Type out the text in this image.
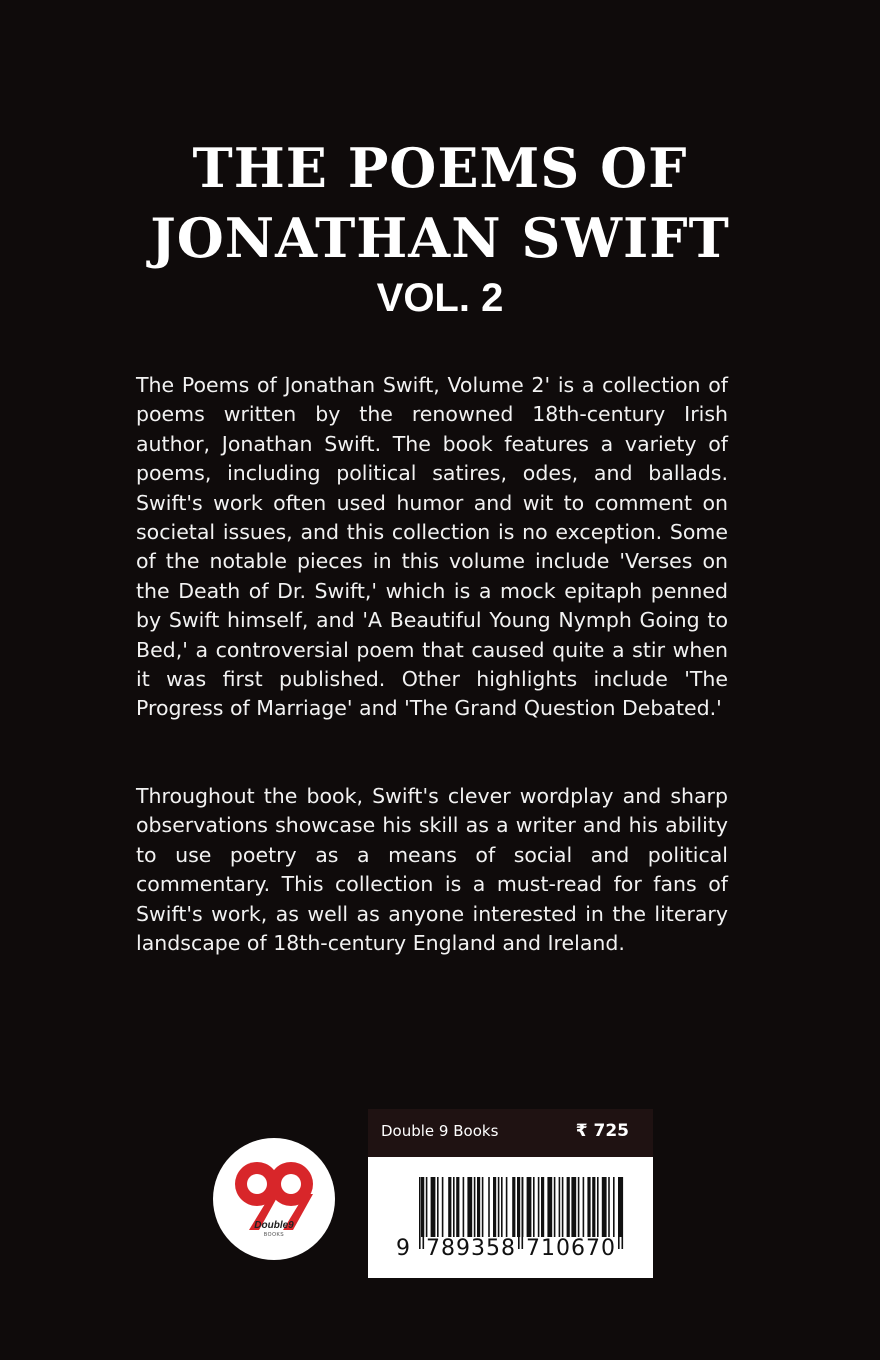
THE POEMS OF
JONATHAN SWIFT
VOL. 2

The Poems of Jonathan Swift, Volume 2' is a collection of poems written by the renowned 18th-century Irish author, Jonathan Swift. The book features a variety of poems, including political satires, odes, and ballads. Swift's work often used humor and wit to comment on societal issues, and this collection is no exception. Some of the notable pieces in this volume include 'Verses on the Death of Dr. Swift,' which is a mock epitaph penned by Swift himself, and 'A Beautiful Young Nymph Going to Bed,' a controversial poem that caused quite a stir when it was first published. Other highlights include 'The Progress of Marriage' and 'The Grand Question Debated.'

Throughout the book, Swift's clever wordplay and sharp observations showcase his skill as a writer and his ability to use poetry as a means of social and political commentary. This collection is a must-read for fans of Swift's work, as well as anyone interested in the literary landscape of 18th-century England and Ireland.

Double9
BOOKS
Double 9 Books	₹ 725
9 789358 710670
